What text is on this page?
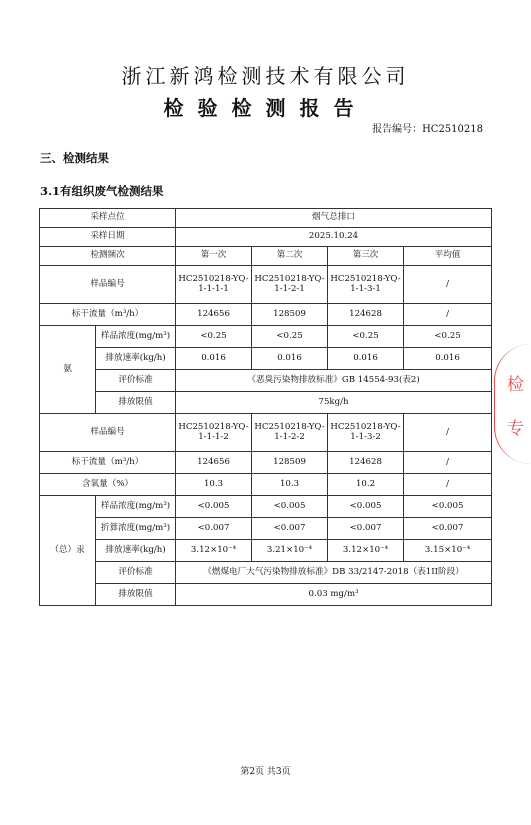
浙江新鸿检测技术有限公司
检验检测报告
报告编号：HC2510218
三、检测结果
3.1有组织废气检测结果
采样点位		烟气总排口			
采样日期		2025.10.24			
检测频次		第一次	第二次	第三次	平均值
样品编号		HC2510218-YQ-1-1-1-1	HC2510218-YQ-1-1-2-1	HC2510218-YQ-1-1-3-1	/
标干流量（m³/h）		124656	128509	124628	/
氨	样品浓度(mg/m³)	<0.25	<0.25	<0.25	<0.25
	排放速率(kg/h)	0.016	0.016	0.016	0.016
	评价标准	《恶臭污染物排放标准》GB 14554-93(表2)			
	排放限值	75kg/h			
样品编号		HC2510218-YQ-1-1-1-2	HC2510218-YQ-1-1-2-2	HC2510218-YQ-1-1-3-2	/
标干流量（m³/h）		124656	128509	124628	/
含氧量（%）		10.3	10.3	10.2	/
（总）汞	样品浓度(mg/m³)	<0.005	<0.005	<0.005	<0.005
	折算浓度(mg/m³)	<0.007	<0.007	<0.007	<0.007
	排放速率(kg/h)	3.12×10⁻⁴	3.21×10⁻⁴	3.12×10⁻⁴	3.15×10⁻⁴
	评价标准	《燃煤电厂大气污染物排放标准》DB 33/2147-2018（表1II阶段）			
	排放限值	0.03 mg/m³			
第2页 共3页
检
专
